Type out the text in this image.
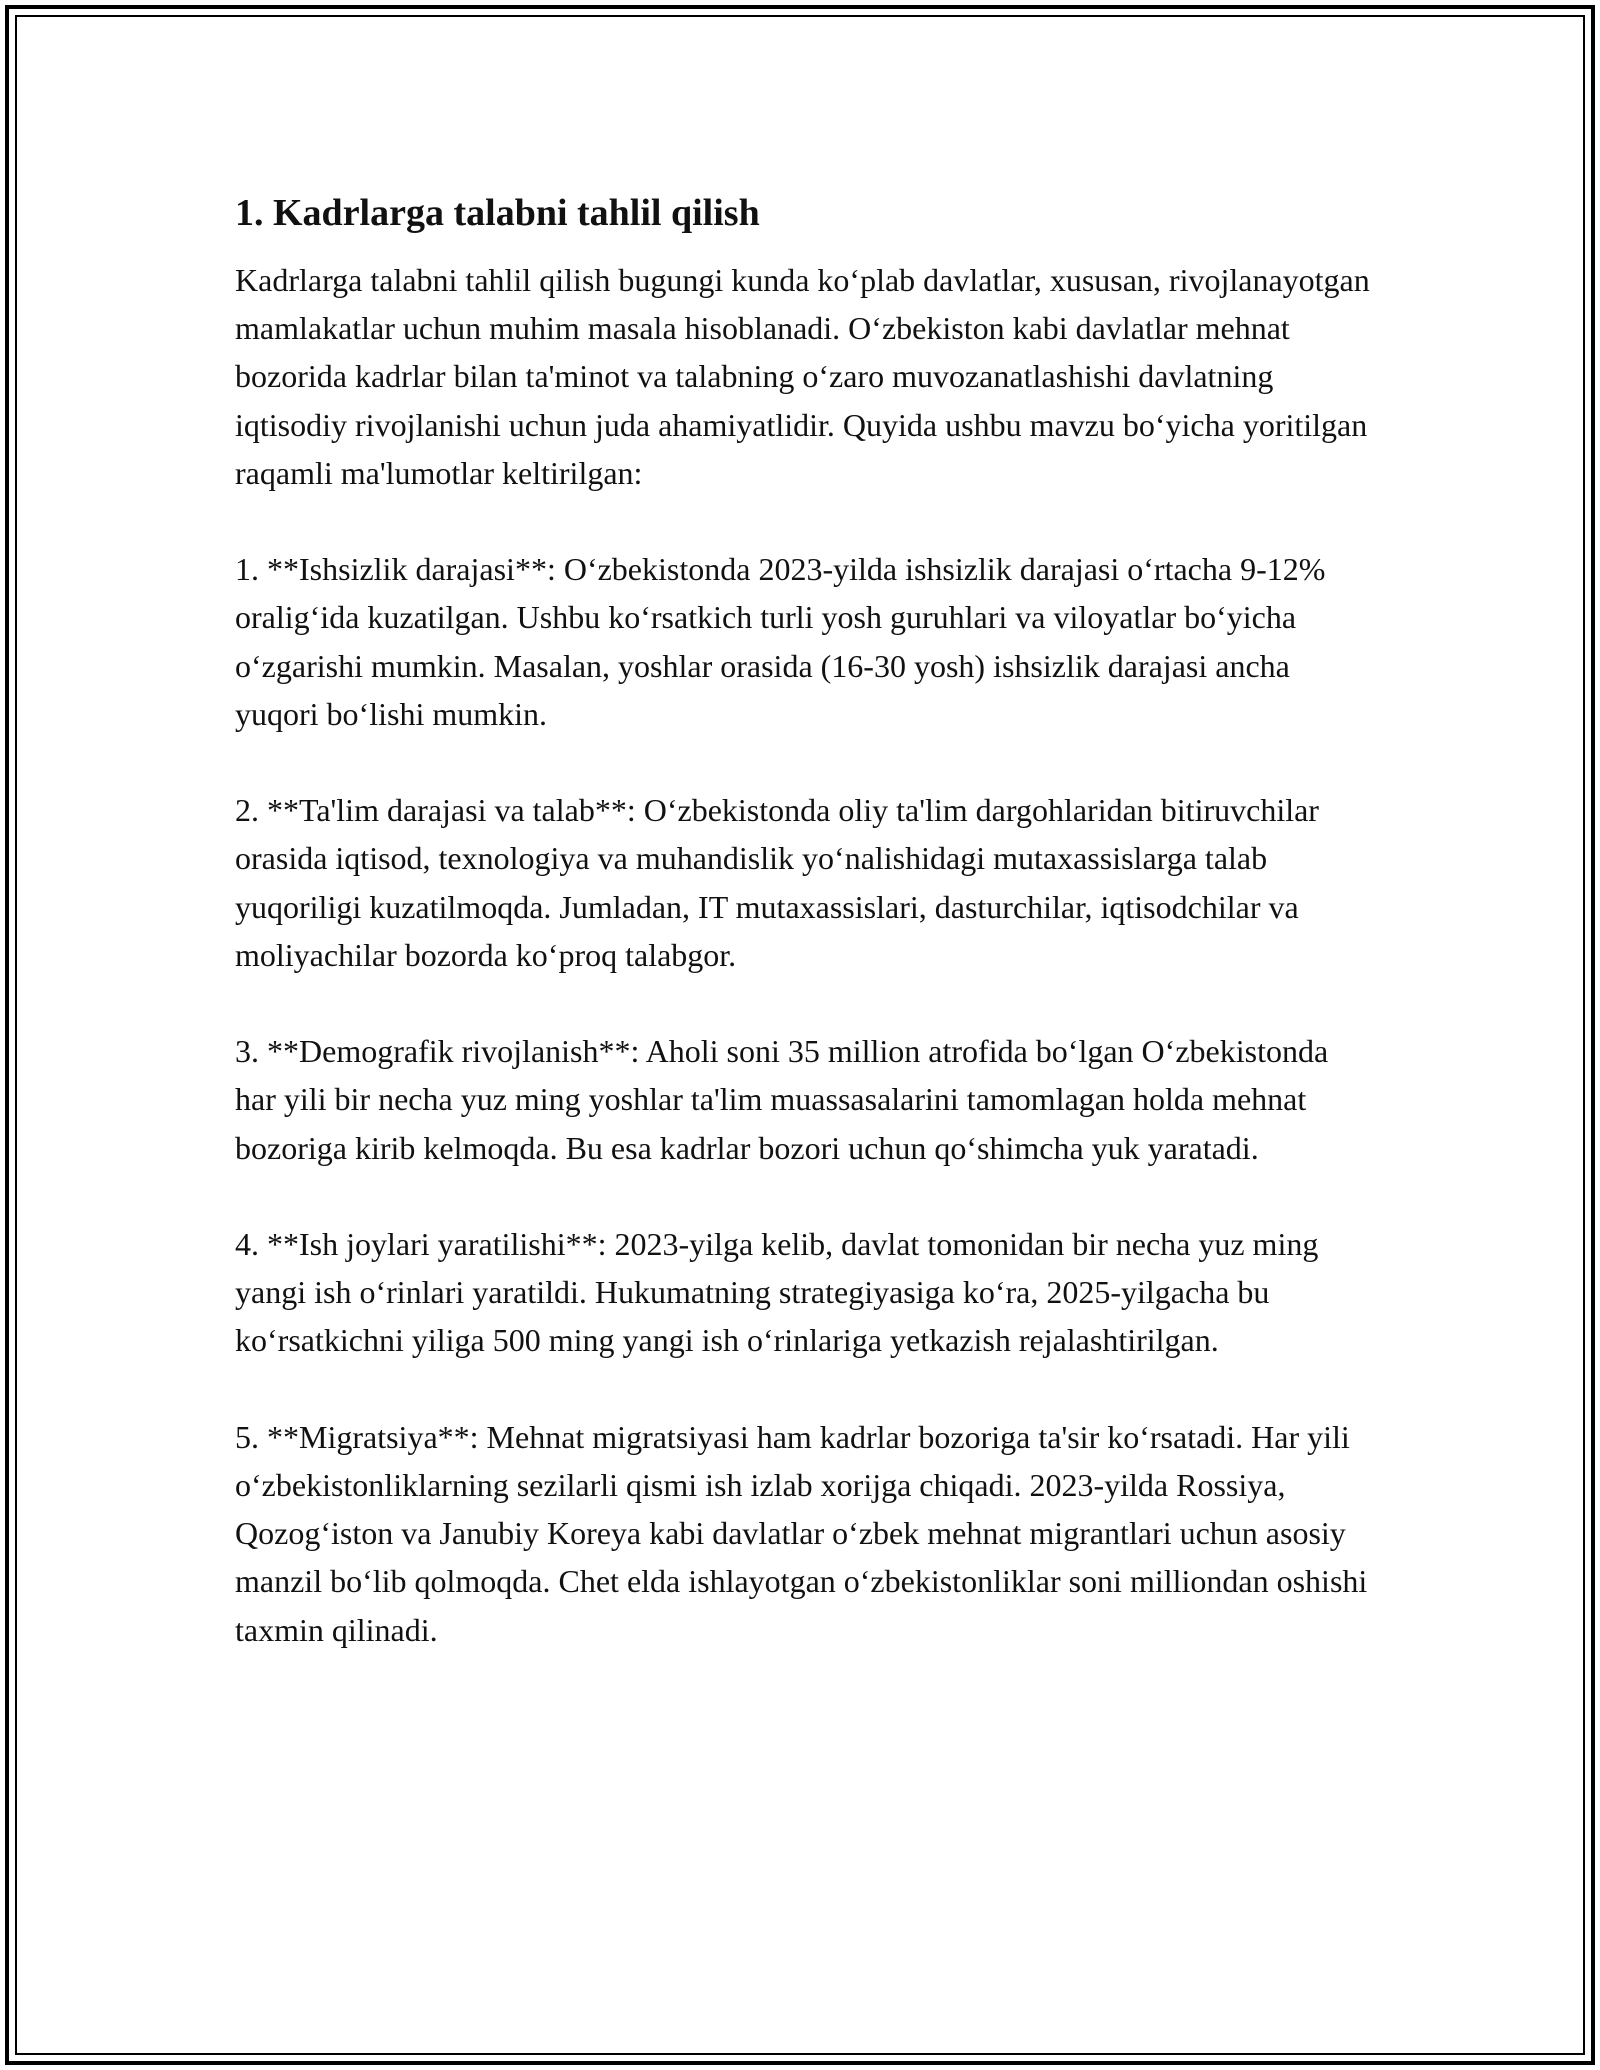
1. Kadrlarga talabni tahlil qilish

Kadrlarga talabni tahlil qilish bugungi kunda ko‘plab davlatlar, xususan, rivojlanayotgan mamlakatlar uchun muhim masala hisoblanadi. O‘zbekiston kabi davlatlar mehnat bozorida kadrlar bilan ta'minot va talabning o‘zaro muvozanatlashishi davlatning iqtisodiy rivojlanishi uchun juda ahamiyatlidir. Quyida ushbu mavzu bo‘yicha yoritilgan raqamli ma'lumotlar keltirilgan:

1. **Ishsizlik darajasi**: O‘zbekistonda 2023-yilda ishsizlik darajasi o‘rtacha 9-12% oralig‘ida kuzatilgan. Ushbu ko‘rsatkich turli yosh guruhlari va viloyatlar bo‘yicha o‘zgarishi mumkin. Masalan, yoshlar orasida (16-30 yosh) ishsizlik darajasi ancha yuqori bo‘lishi mumkin.

2. **Ta'lim darajasi va talab**: O‘zbekistonda oliy ta'lim dargohlaridan bitiruvchilar orasida iqtisod, texnologiya va muhandislik yo‘nalishidagi mutaxassislarga talab yuqoriligi kuzatilmoqda. Jumladan, IT mutaxassislari, dasturchilar, iqtisodchilar va moliyachilar bozorda ko‘proq talabgor.

3. **Demografik rivojlanish**: Aholi soni 35 million atrofida bo‘lgan O‘zbekistonda har yili bir necha yuz ming yoshlar ta'lim muassasalarini tamomlagan holda mehnat bozoriga kirib kelmoqda. Bu esa kadrlar bozori uchun qo‘shimcha yuk yaratadi.

4. **Ish joylari yaratilishi**: 2023-yilga kelib, davlat tomonidan bir necha yuz ming yangi ish o‘rinlari yaratildi. Hukumatning strategiyasiga ko‘ra, 2025-yilgacha bu ko‘rsatkichni yiliga 500 ming yangi ish o‘rinlariga yetkazish rejalashtirilgan.

5. **Migratsiya**: Mehnat migratsiyasi ham kadrlar bozoriga ta'sir ko‘rsatadi. Har yili o‘zbekistonliklarning sezilarli qismi ish izlab xorijga chiqadi. 2023-yilda Rossiya, Qozog‘iston va Janubiy Koreya kabi davlatlar o‘zbek mehnat migrantlari uchun asosiy manzil bo‘lib qolmoqda. Chet elda ishlayotgan o‘zbekistonliklar soni milliondan oshishi taxmin qilinadi.
